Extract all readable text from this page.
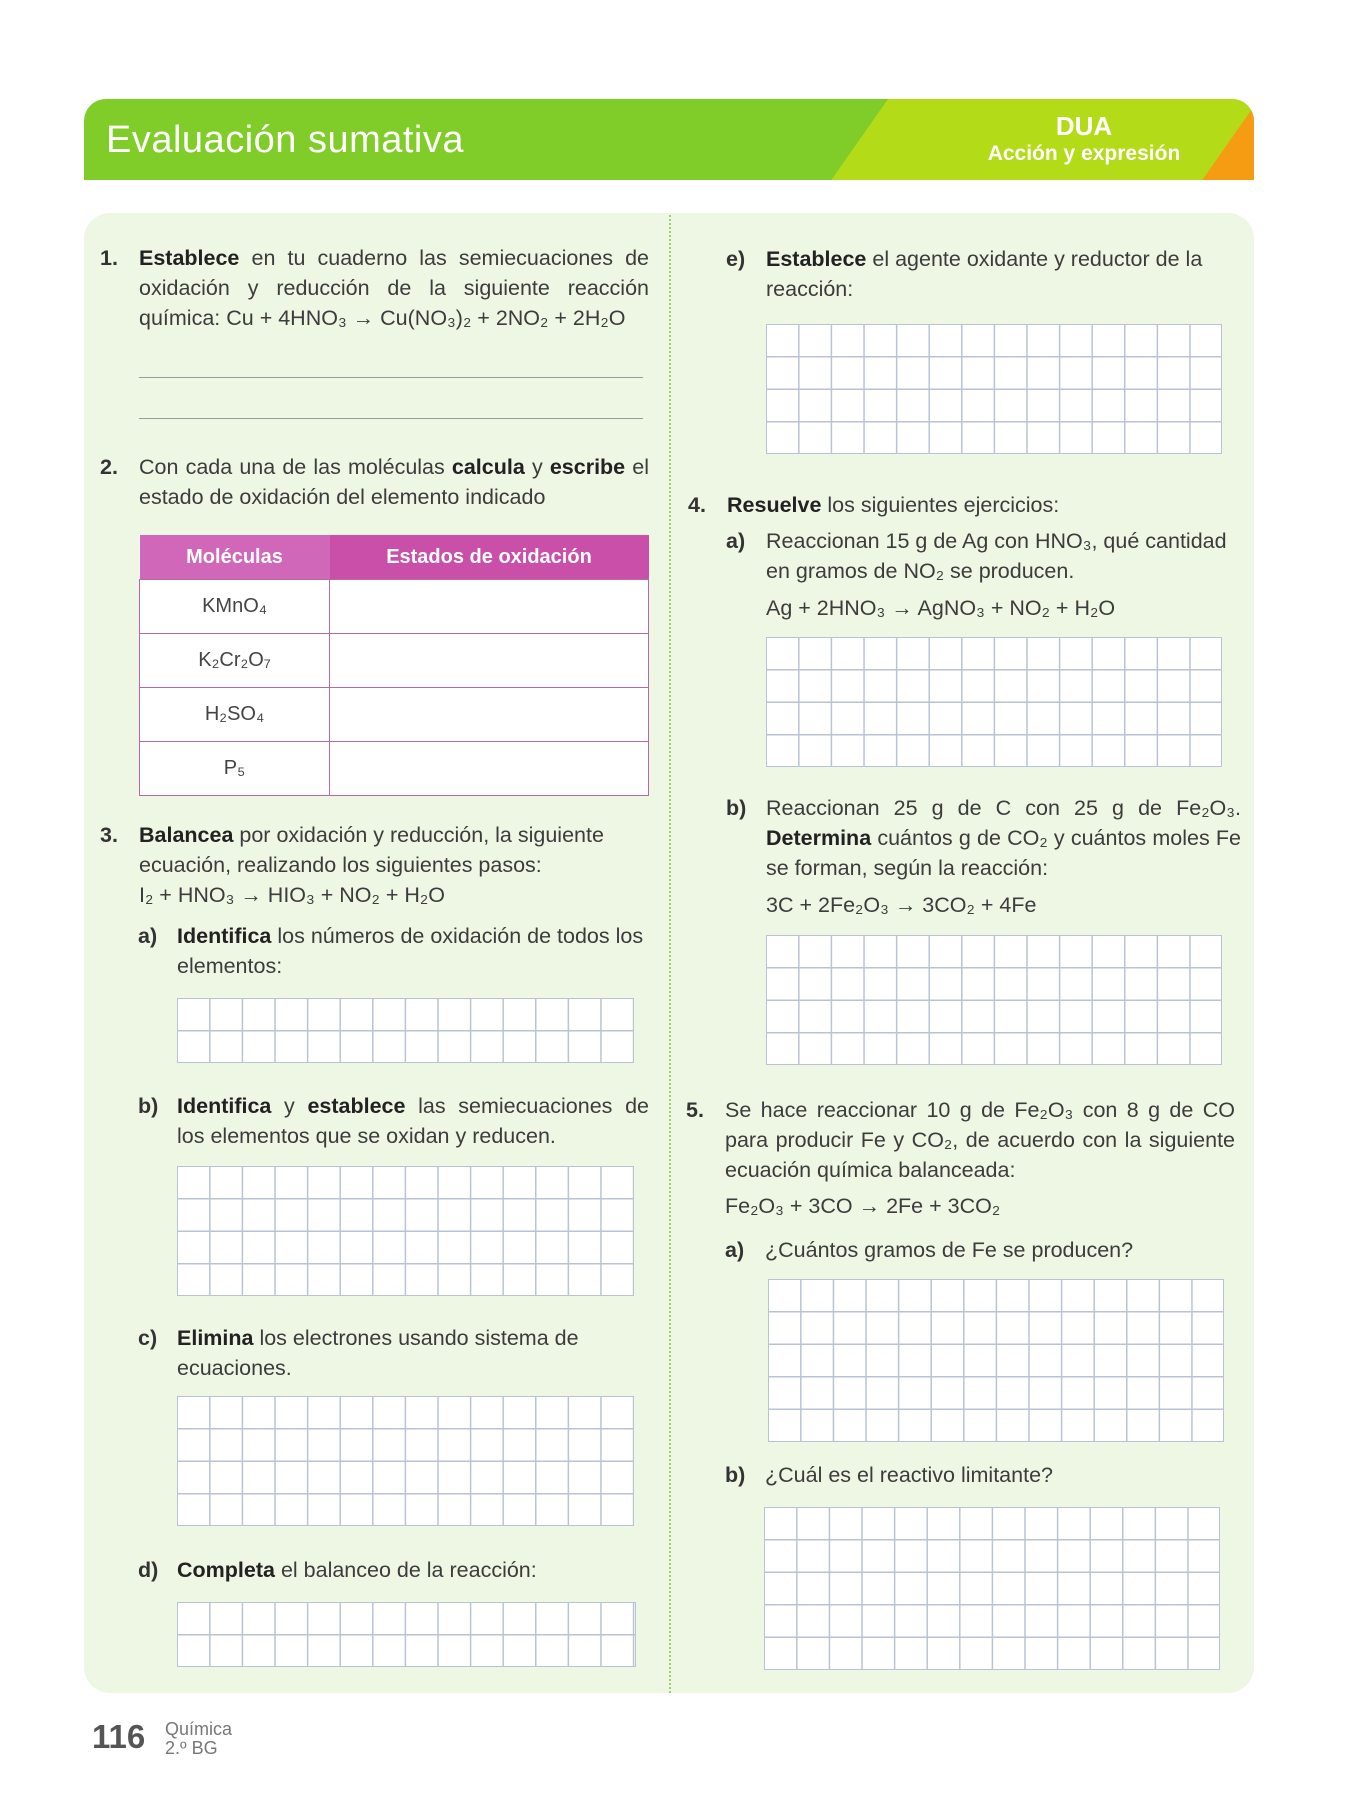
Evaluación sumativa	DUA
Acción y expresión
1. Establece en tu cuaderno las semiecuaciones de oxidación y reducción de la siguiente reacción química: Cu + 4HNO₃ → Cu(NO₃)₂ + 2NO₂ + 2H₂O
2. Con cada una de las moléculas calcula y escribe el estado de oxidación del elemento indicado
Moléculas	Estados de oxidación
KMnO₄	
K₂Cr₂O₇	
H₂SO₄	
P₅	
3. Balancea por oxidación y reducción, la siguiente ecuación, realizando los siguientes pasos:
I₂ + HNO₃ → HIO₃ + NO₂ + H₂O
a) Identifica los números de oxidación de todos los elementos:
b) Identifica y establece las semiecuaciones de los elementos que se oxidan y reducen.
c) Elimina los electrones usando sistema de ecuaciones.
d) Completa el balanceo de la reacción:
e) Establece el agente oxidante y reductor de la reacción:
4. Resuelve los siguientes ejercicios:
a) Reaccionan 15 g de Ag con HNO₃, qué cantidad en gramos de NO₂ se producen.
Ag + 2HNO₃ → AgNO₃ + NO₂ + H₂O
b) Reaccionan 25 g de C con 25 g de Fe₂O₃. Determina cuántos g de CO₂ y cuántos moles Fe se forman, según la reacción:
3C + 2Fe₂O₃ → 3CO₂ + 4Fe
5. Se hace reaccionar 10 g de Fe₂O₃ con 8 g de CO para producir Fe y CO₂, de acuerdo con la siguiente ecuación química balanceada:
Fe₂O₃ + 3CO → 2Fe + 3CO₂
a) ¿Cuántos gramos de Fe se producen?
b) ¿Cuál es el reactivo limitante?
116 Química
2.º BG
